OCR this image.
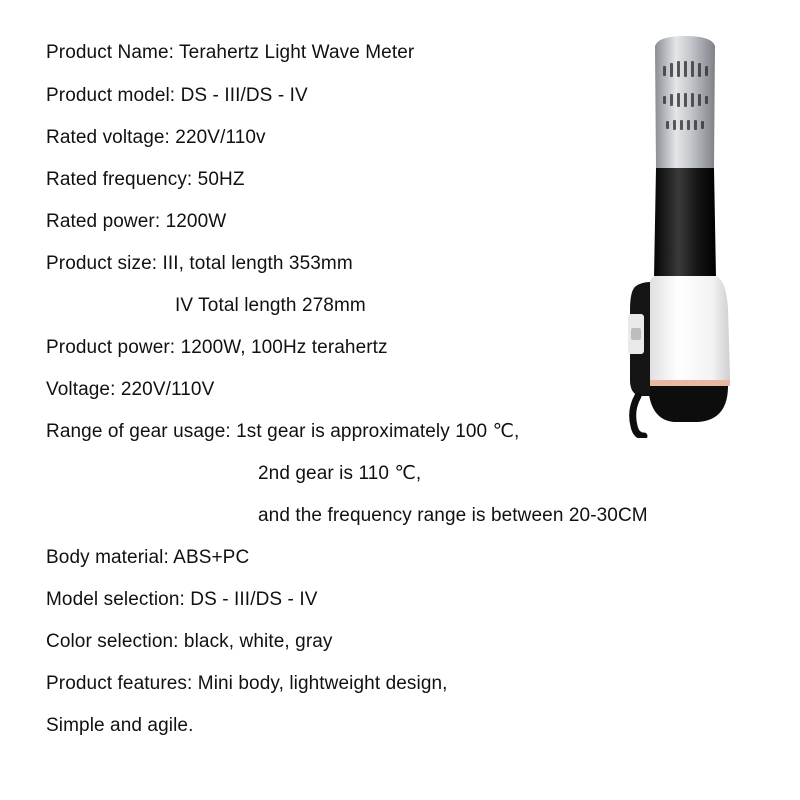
Product Name: Terahertz Light Wave Meter
Product model: DS - III/DS - IV
Rated voltage: 220V/110v
Rated frequency: 50HZ
Rated power: 1200W
Product size: III, total length 353mm
IV Total length 278mm
Product power: 1200W, 100Hz terahertz
Voltage: 220V/110V
Range of gear usage: 1st gear is approximately 100 ℃,
2nd gear is 110 ℃,
and the frequency range is between 20-30CM
Body material: ABS+PC
Model selection: DS - III/DS - IV
Color selection: black, white, gray
Product features: Mini body, lightweight design,
Simple and agile.
